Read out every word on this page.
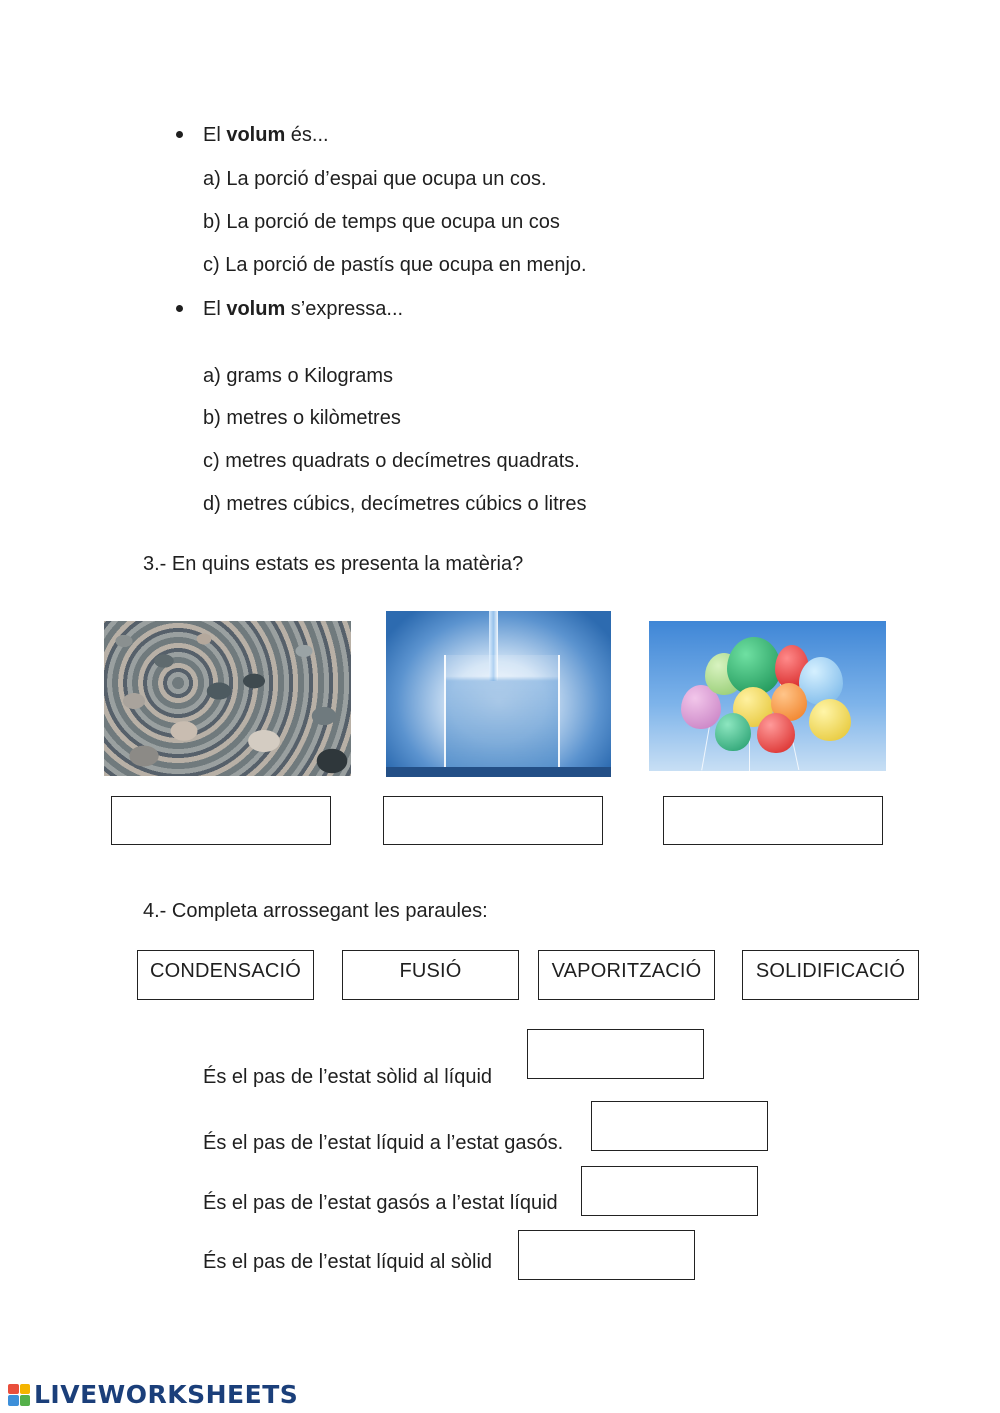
El volum és...
a) La porció d’espai que ocupa un cos.
b) La porció de temps que ocupa un cos
c) La porció de pastís que ocupa en menjo.
El volum s’expressa...
a) grams o Kilograms
b) metres o kilòmetres
c) metres quadrats o decímetres quadrats.
d) metres cúbics, decímetres cúbics o litres
3.- En quins estats es presenta la matèria?
4.- Completa arrossegant les paraules:
CONDENSACIÓ	FUSIÓ	VAPORITZACIÓ	SOLIDIFICACIÓ
És el pas de l’estat sòlid al líquid
És el pas de l’estat líquid a l’estat gasós.
És el pas de l’estat gasós a l’estat líquid
És el pas de l’estat líquid al sòlid
LIVEWORKSHEETS
